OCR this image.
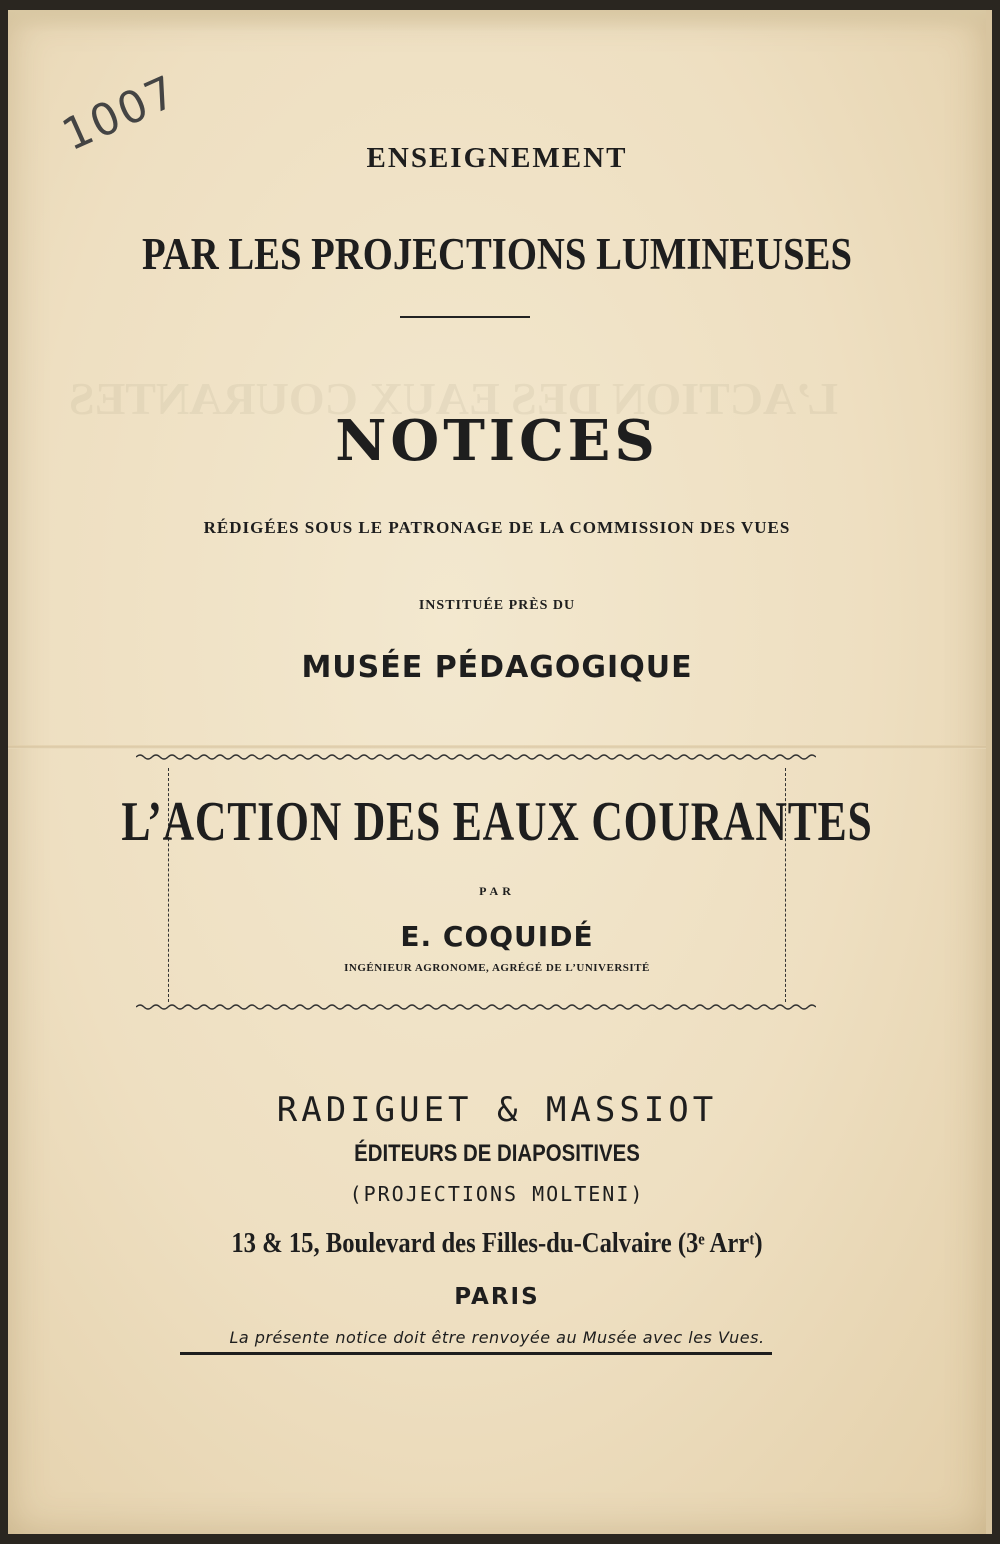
L’ACTION DES EAUX COURANTES
1007	ENSEIGNEMENT
PAR LES PROJECTIONS LUMINEUSES
NOTICES
RÉDIGÉES SOUS LE PATRONAGE DE LA COMMISSION DES VUES
INSTITUÉE PRÈS DU
MUSÉE PÉDAGOGIQUE
L’ACTION DES EAUX COURANTES
PAR
E. COQUIDÉ
INGÉNIEUR AGRONOME, AGRÉGÉ DE L’UNIVERSITÉ
RADIGUET & MASSIOT
ÉDITEURS DE DIAPOSITIVES
(PROJECTIONS MOLTENI)
13 & 15, Boulevard des Filles-du-Calvaire (3ᵉ Arrᵗ)
PARIS
La présente notice doit être renvoyée au Musée avec les Vues.
